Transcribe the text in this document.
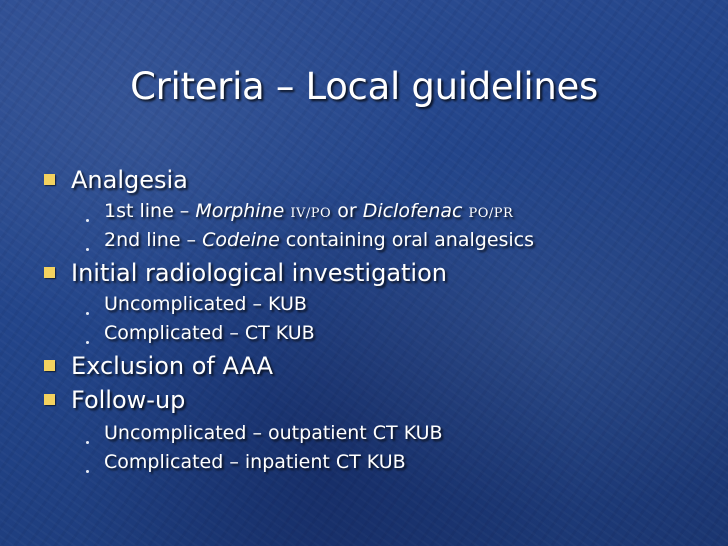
Criteria – Local guidelines
Analgesia
1st line – Morphine IV/PO or Diclofenac PO/PR
2nd line – Codeine containing oral analgesics
Initial radiological investigation
Uncomplicated – KUB
Complicated – CT KUB
Exclusion of AAA
Follow-up
Uncomplicated – outpatient CT KUB
Complicated – inpatient CT KUB
